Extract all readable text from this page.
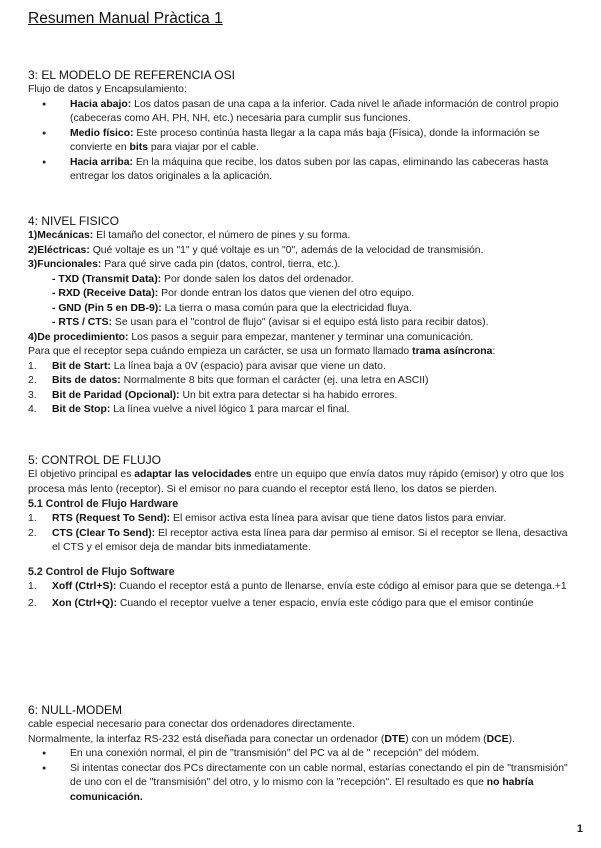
Resumen Manual Pràctica 1
3: EL MODELO DE REFERENCIA OSI

Flujo de datos y Encapsulamiento:

● Hacia abajo: Los datos pasan de una capa a la inferior. Cada nivel le añade información de control propio (cabeceras como AH, PH, NH, etc.) necesaria para cumplir sus funciones.
● Medio físico: Este proceso continúa hasta llegar a la capa más baja (Física), donde la información se convierte en bits para viajar por el cable.
● Hacia arriba: En la máquina que recibe, los datos suben por las capas, eliminando las cabeceras hasta entregar los datos originales a la aplicación.
4: NIVEL FISICO

1)Mecánicas: El tamaño del conector, el número de pines y su forma.

2)Eléctricas: Qué voltaje es un "1" y qué voltaje es un "0", además de la velocidad de transmisión.

3)Funcionales: Para qué sirve cada pin (datos, control, tierra, etc.).

- TXD (Transmit Data): Por donde salen los datos del ordenador.

- RXD (Receive Data): Por donde entran los datos que vienen del otro equipo.

- GND (Pin 5 en DB-9): La tierra o masa común para que la electricidad fluya.

- RTS / CTS: Se usan para el "control de flujo" (avisar si el equipo está listo para recibir datos).

4)De procedimiento: Los pasos a seguir para empezar, mantener y terminar una comunicación.

Para que el receptor sepa cuándo empieza un carácter, se usa un formato llamado trama asíncrona:

1. Bit de Start: La línea baja a 0V (espacio) para avisar que viene un dato.
2. Bits de datos: Normalmente 8 bits que forman el carácter (ej. una letra en ASCII)
3. Bit de Paridad (Opcional): Un bit extra para detectar si ha habido errores.
4. Bit de Stop: La línea vuelve a nivel lógico 1 para marcar el final.
5: CONTROL DE FLUJO

El objetivo principal es adaptar las velocidades entre un equipo que envía datos muy rápido (emisor) y otro que los procesa más lento (receptor). Si el emisor no para cuando el receptor está lleno, los datos se pierden.

5.1 Control de Flujo Hardware
1. RTS (Request To Send): El emisor activa esta línea para avisar que tiene datos listos para enviar.
2. CTS (Clear To Send): El receptor activa esta línea para dar permiso al emisor. Si el receptor se llena, desactiva el CTS y el emisor deja de mandar bits inmediatamente.
5.2 Control de Flujo Software
1. Xoff (Ctrl+S): Cuando el receptor está a punto de llenarse, envía este código al emisor para que se detenga.+1
2. Xon (Ctrl+Q): Cuando el receptor vuelve a tener espacio, envía este código para que el emisor continúe
6: NULL-MODEM

cable especial necesario para conectar dos ordenadores directamente.

Normalmente, la interfaz RS-232 está diseñada para conectar un ordenador (DTE) con un módem (DCE).

● En una conexión normal, el pin de "transmisión" del PC va al de " recepción" del módem.
● Si intentas conectar dos PCs directamente con un cable normal, estarías conectando el pin de "transmisión" de uno con el de "transmisión" del otro, y lo mismo con la "recepción". El resultado es que no habría comunicación.
1
